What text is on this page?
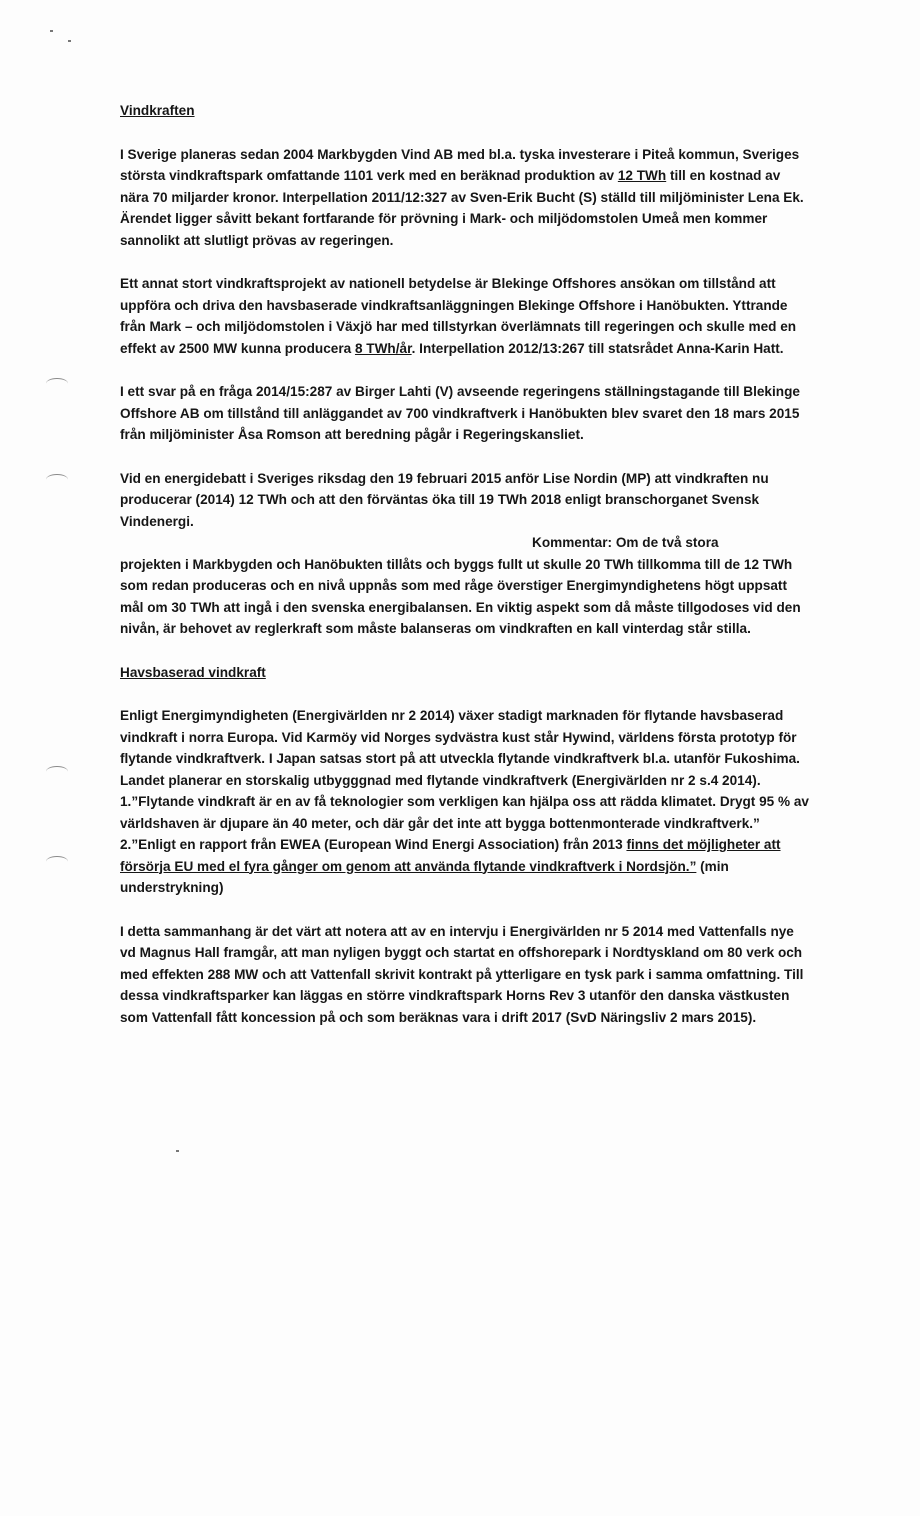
Vindkraften

I Sverige planeras sedan 2004 Markbygden Vind AB med bl.a. tyska investerare i Piteå kommun, Sveriges största vindkraftspark omfattande 1101 verk med en beräknad produktion av 12 TWh till en kostnad av nära 70 miljarder kronor. Interpellation 2011/12:327 av Sven-Erik Bucht (S) ställd till miljöminister Lena Ek. Ärendet ligger såvitt bekant fortfarande för prövning i Mark- och miljödomstolen Umeå men kommer sannolikt att slutligt prövas av regeringen.

Ett annat stort vindkraftsprojekt av nationell betydelse är Blekinge Offshores ansökan om tillstånd att uppföra och driva den havsbaserade vindkraftsanläggningen Blekinge Offshore i Hanöbukten. Yttrande från Mark – och miljödomstolen i Växjö har med tillstyrkan överlämnats till regeringen och skulle med en effekt av 2500 MW kunna producera 8 TWh/år. Interpellation 2012/13:267 till statsrådet Anna-Karin Hatt.

I ett svar på en fråga 2014/15:287 av Birger Lahti (V) avseende regeringens ställningstagande till Blekinge Offshore AB om tillstånd till anläggandet av 700 vindkraftverk i Hanöbukten blev svaret den 18 mars 2015 från miljöminister Åsa Romson att beredning pågår i Regeringskansliet.

Vid en energidebatt i Sveriges riksdag den 19 februari 2015 anför Lise Nordin (MP) att vindkraften nu producerar (2014) 12 TWh och att den förväntas öka till 19 TWh 2018 enligt branschorganet Svensk Vindenergi.
Kommentar: Om de två stora
projekten i Markbygden och Hanöbukten tillåts och byggs fullt ut skulle 20 TWh tillkomma till de 12 TWh som redan produceras och en nivå uppnås som med råge överstiger Energimyndighetens högt uppsatt mål om 30 TWh att ingå i den svenska energibalansen. En viktig aspekt som då måste tillgodoses vid den nivån, är behovet av reglerkraft som måste balanseras om vindkraften en kall vinterdag står stilla.

Havsbaserad vindkraft

Enligt Energimyndigheten (Energivärlden nr 2 2014) växer stadigt marknaden för flytande havsbaserad vindkraft i norra Europa. Vid Karmöy vid Norges sydvästra kust står Hywind, världens första prototyp för flytande vindkraftverk. I Japan satsas stort på att utveckla flytande vindkraftverk bl.a. utanför Fukoshima. Landet planerar en storskalig utbygggnad med flytande vindkraftverk (Energivärlden nr 2 s.4 2014). 1.”Flytande vindkraft är en av få teknologier som verkligen kan hjälpa oss att rädda klimatet. Drygt 95 % av världshaven är djupare än 40 meter, och där går det inte att bygga bottenmonterade vindkraftverk.” 2.”Enligt en rapport från EWEA (European Wind Energi Association) från 2013 finns det möjligheter att försörja EU med el fyra gånger om genom att använda flytande vindkraftverk i Nordsjön.” (min understrykning)

I detta sammanhang är det värt att notera att av en intervju i Energivärlden nr 5 2014 med Vattenfalls nye vd Magnus Hall framgår, att man nyligen byggt och startat en offshorepark i Nordtyskland om 80 verk och med effekten 288 MW och att Vattenfall skrivit kontrakt på ytterligare en tysk park i samma omfattning. Till dessa vindkraftsparker kan läggas en större vindkraftspark Horns Rev 3 utanför den danska västkusten som Vattenfall fått koncession på och som beräknas vara i drift 2017 (SvD Näringsliv 2 mars 2015).
